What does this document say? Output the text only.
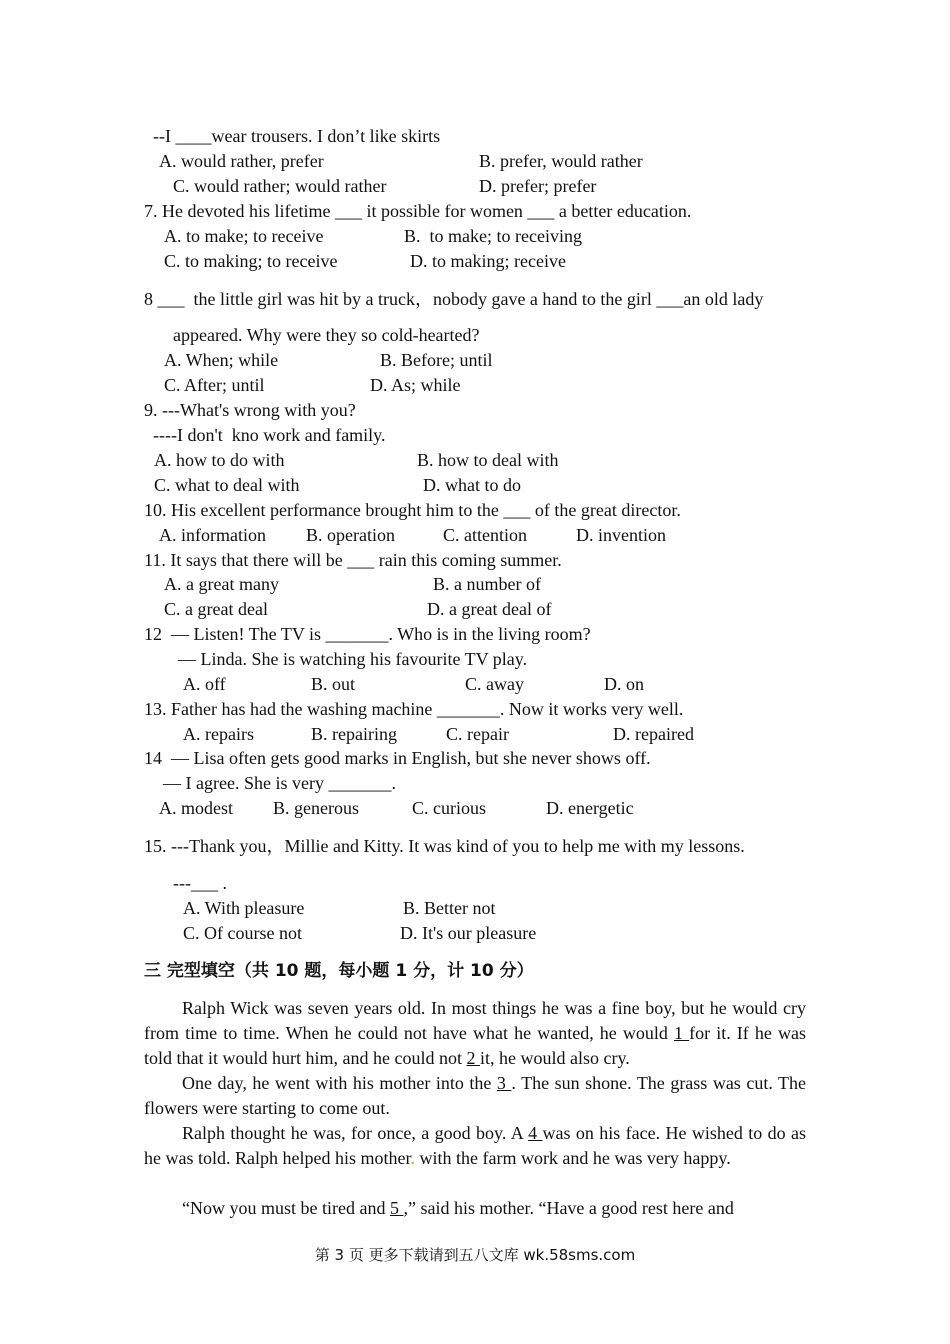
--I ____wear trousers. I don’t like skirts
A. would rather, prefer	B. prefer, would rather
C. would rather; would rather	D. prefer; prefer
7. He devoted his lifetime ___ it possible for women ___ a better education.
A. to make; to receive	B.  to make; to receiving
C. to making; to receive	D. to making; receive
8 ___  the little girl was hit by a truck，nobody gave a hand to the girl ___an old lady
appeared. Why were they so cold-hearted?
A. When; while	B. Before; until
C. After; until	D. As; while
9. ---What's wrong with you?
----I don't  kno work and family.
A. how to do with	B. how to deal with
C. what to deal with	D. what to do
10. His excellent performance brought him to the ___ of the great director.
A. information B. operation	C. attention	D. invention
11. It says that there will be ___ rain this coming summer.
A. a great many	B. a number of
C. a great deal	D. a great deal of
12  — Listen! The TV is _______. Who is in the living room?
— Linda. She is watching his favourite TV play.
A. off	B. out	C. away	D. on
13. Father has had the washing machine _______. Now it works very well.
A. repairs	B. repairing	C. repair	D. repaired
14  — Lisa often gets good marks in English, but she never shows off.
— I agree. She is very _______.
A. modest B. generous	C. curious	D. energetic
15. ---Thank you，Millie and Kitty. It was kind of you to help me with my lessons.
---___ .
A. With pleasure	B. Better not
C. Of course not	D. It's our pleasure
三 完型填空（共 10 题，每小题 1 分，计 10 分）
Ralph Wick was seven years old. In most things he was a fine boy, but he would cry from time to time. When he could not have what he wanted, he would 1 for it. If he was told that it would hurt him, and he could not 2 it, he would also cry.
One day, he went with his mother into the 3 . The sun shone. The grass was cut. The flowers were starting to come out.
Ralph thought he was, for once, a good boy. A 4 was on his face. He wished to do as he was told. Ralph helped his mother. with the farm work and he was very happy.
“Now you must be tired and 5 ,” said his mother. “Have a good rest here and
第 3 页 更多下载请到五八文库 wk.58sms.com
